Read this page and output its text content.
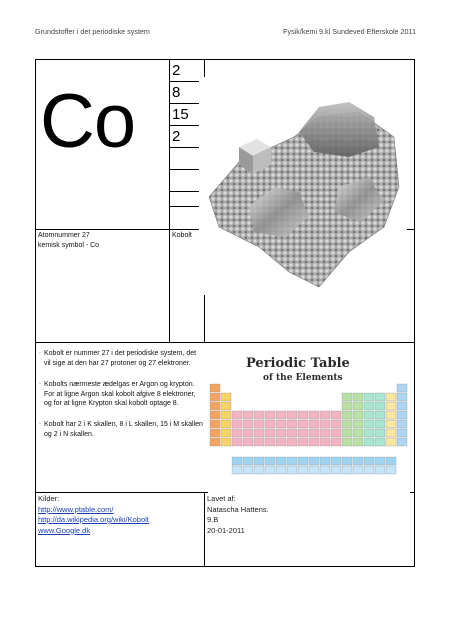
Grundstoffer i det periodiske system	Fysik/kemi 9.kl Sundeved Efterskole 2011
Co
2
8
15
2
Atomnummer 27
kemisk symbol - Co
Kobolt
· Kobolt er nummer 27 i det periodiske system, det vil sige at den har 27 protoner og 27 elektroner.
· Kobolts nærmeste ædelgas er Argon og krypton. For at ligne Argon skal kobolt afgive 8 elektroner, og for at ligne Krypton skal kobolt optage 8.
· Kobolt har 2 i K skallen, 8 i L skallen, 15 i M skallen og 2 i N skallen.
Kilder:
http://www.ptable.com/
http://da.wikipedia.org/wiki/Kobolt
www.Google.dk
Lavet af:
Natascha Hattens.
9.B
20-01-2011
Periodic Table
of the Elements
